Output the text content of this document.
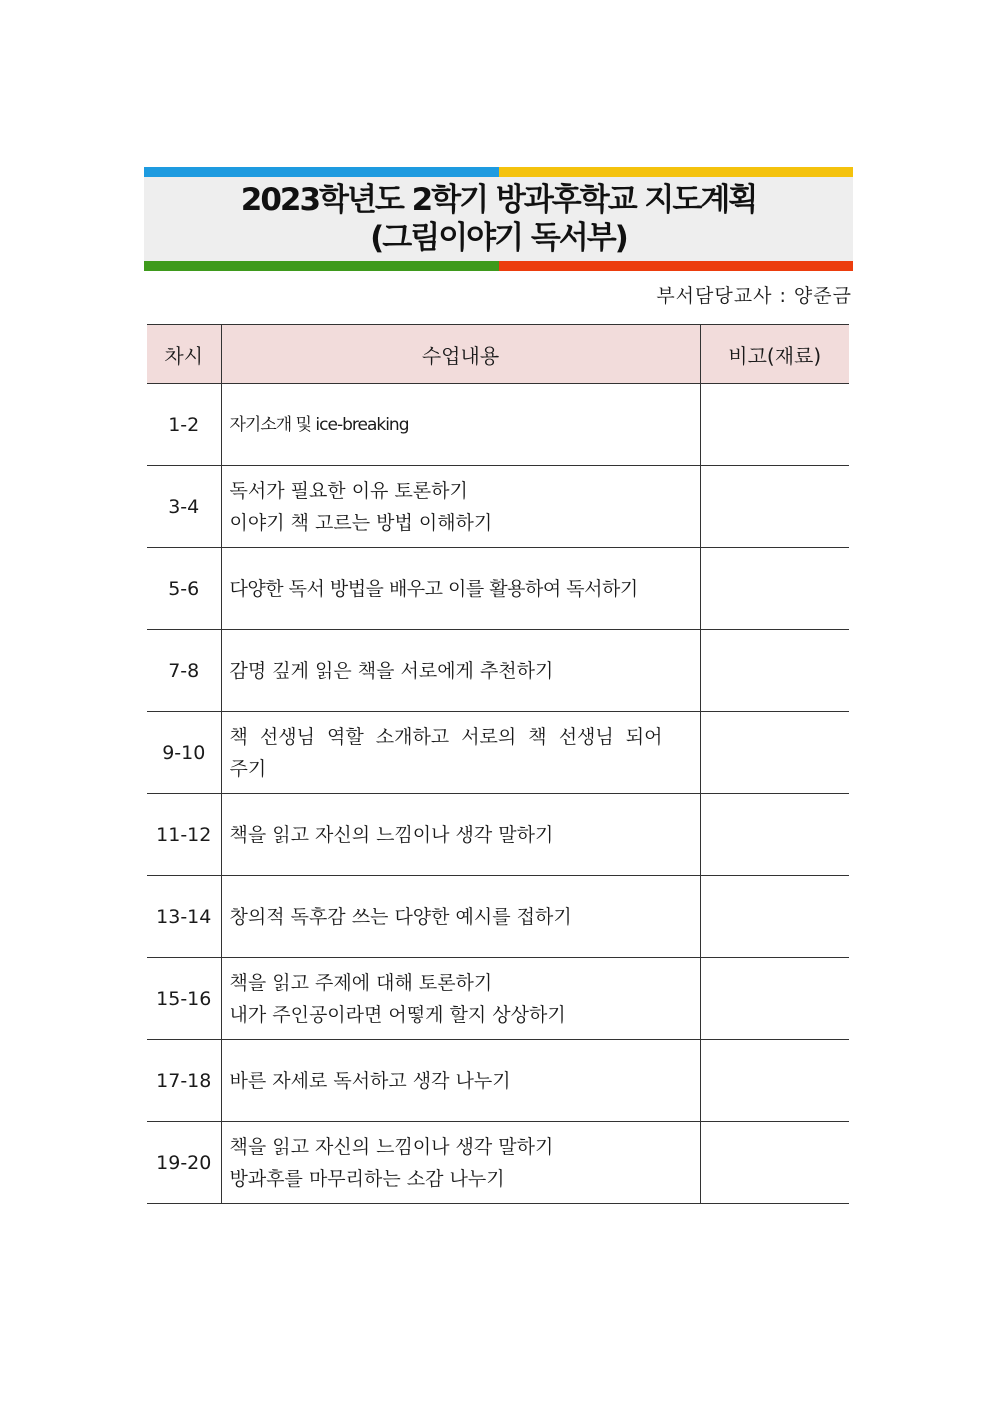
2023학년도 2학기 방과후학교 지도계획
(그림이야기 독서부)
부서담당교사 : 양준금
차시	수업내용	비고(재료)
1-2	자기소개 및 ice-breaking	

3-4	독서가 필요한 이유 토론하기
이야기 책 고르는 방법 이해하기	

5-6	다양한 독서 방법을 배우고 이를 활용하여 독서하기	

7-8	감명 깊게 읽은 책을 서로에게 추천하기	

9-10	책 선생님 역할 소개하고 서로의 책 선생님 되어 주기	

11-12	책을 읽고 자신의 느낌이나 생각 말하기	

13-14	창의적 독후감 쓰는 다양한 예시를 접하기	

15-16	책을 읽고 주제에 대해 토론하기
내가 주인공이라면 어떻게 할지 상상하기	

17-18	바른 자세로 독서하고 생각 나누기	

19-20	책을 읽고 자신의 느낌이나 생각 말하기
방과후를 마무리하는 소감 나누기	
